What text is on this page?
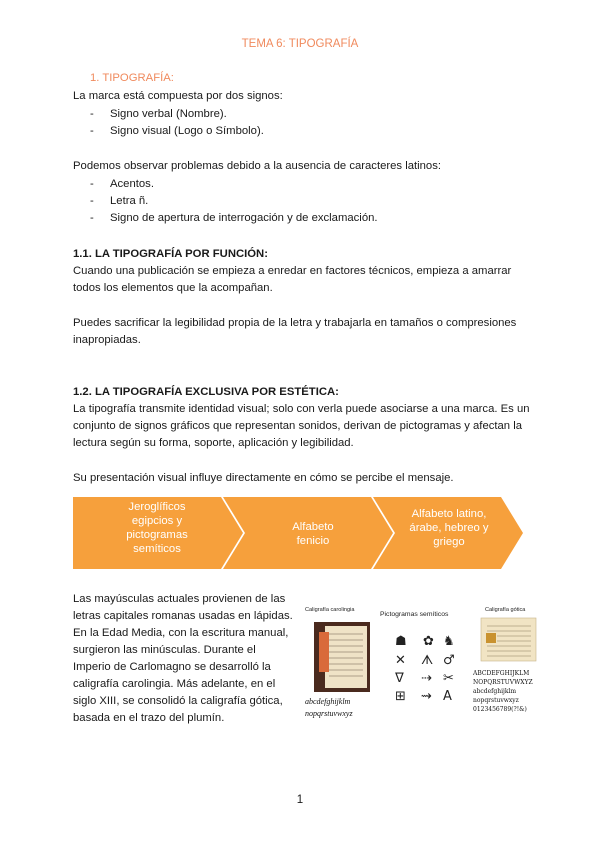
TEMA 6: TIPOGRAFÍA
1. TIPOGRAFÍA:
La marca está compuesta por dos signos:
- Signo verbal (Nombre).
- Signo visual (Logo o Símbolo).
Podemos observar problemas debido a la ausencia de caracteres latinos:
- Acentos.
- Letra ñ.
- Signo de apertura de interrogación y de exclamación.
1.1. LA TIPOGRAFÍA POR FUNCIÓN:
Cuando una publicación se empieza a enredar en factores técnicos, empieza a amarrar
todos los elementos que la acompañan.
Puedes sacrificar la legibilidad propia de la letra y trabajarla en tamaños o compresiones
inapropiadas.
1.2. LA TIPOGRAFÍA EXCLUSIVA POR ESTÉTICA:
La tipografía transmite identidad visual; solo con verla puede asociarse a una marca. Es un
conjunto de signos gráficos que representan sonidos, derivan de pictogramas y afectan la
lectura según su forma, soporte, aplicación y legibilidad.
Su presentación visual influye directamente en cómo se percibe el mensaje.
Jeroglíficos
egipcios y
pictogramas
semíticos
Alfabeto
fenicio
Alfabeto latino,
árabe, hebreo y
griego
Las mayúsculas actuales provienen de las
letras capitales romanas usadas en lápidas.
En la Edad Media, con la escritura manual,
surgieron las minúsculas. Durante el
Imperio de Carlomagno se desarrolló la
caligrafía carolingia. Más adelante, en el
siglo XIII, se consolidó la caligrafía gótica,
basada en el trazo del plumín.
Caligrafía carolingia
abcdefghijklm
nopqrstuvwxyz
Pictogramas semíticos
☗ ✿ ♞
✕ ᗑ ♂
ᐁ ⇢ ✂
⊞ ⇝ A
Caligrafía gótica
ABCDEFGHIJKLM
NOPQRSTUVWXYZ
abcdefghijklm
nopqrstuvwxyz
0123456789(?!&)
1
